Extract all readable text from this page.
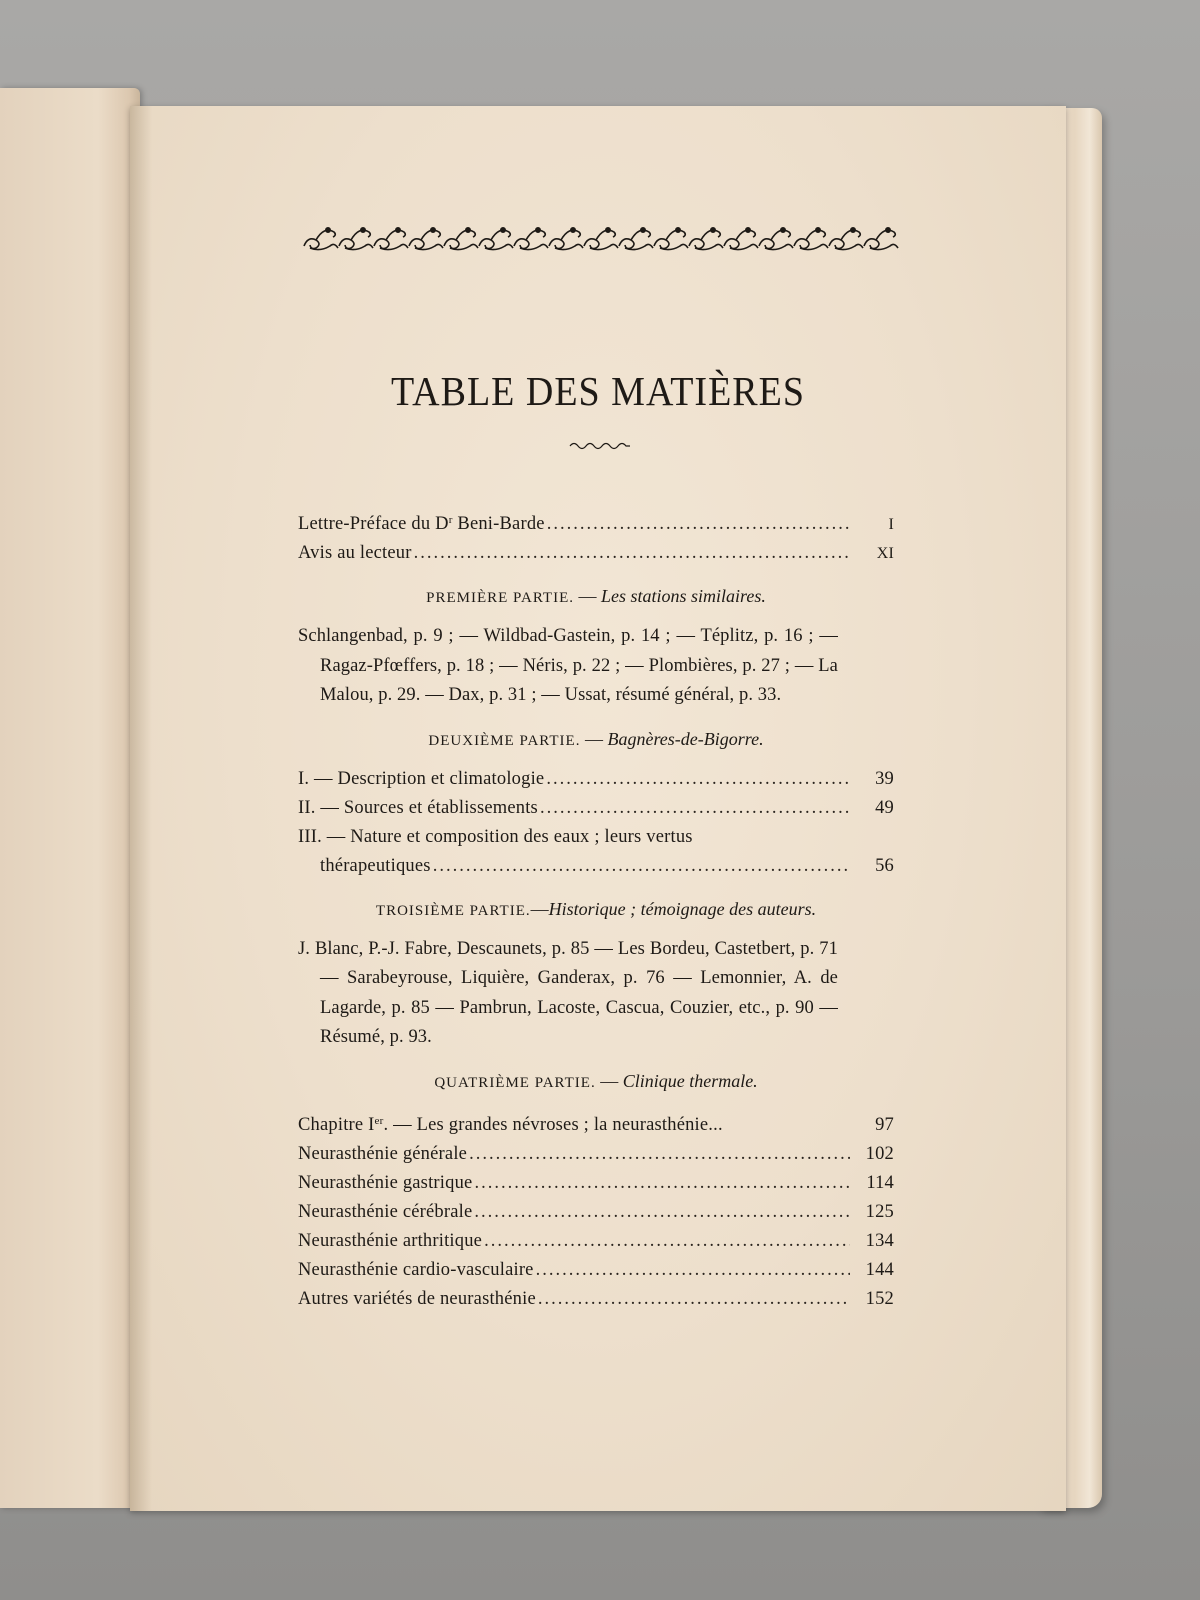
TABLE DES MATIÈRES
Lettre-Préface du $D^r$ Beni-Barde .....	I
Avis au lecteur .....	XI
PREMIÈRE PARTIE. — Les stations similaires.
Schlangenbad, p. 9 ; — Wildbad-Gastein, p. 14 ; — Téplitz, p. 16 ; — Ragaz-Pfœffers, p. 18 ; — Néris, p. 22 ; — Plombières, p. 27 ; — La Malou, p. 29. — Dax, p. 31 ; — Ussat, résumé général, p. 33.
DEUXIÈME PARTIE. — Bagnères-de-Bigorre.
I. — Description et climatologie .....	39
II. — Sources et établissements .....	49
III. — Nature et composition des eaux ; leurs vertus
thérapeutiques .....	56
TROISIÈME PARTIE.—Historique ; témoignage des auteurs.
J. Blanc, P.-J. Fabre, Descaunets, p. 85 — Les Bordeu, Castetbert, p. 71 — Sarabeyrouse, Liquière, Ganderax, p. 76 — Lemonnier, A. de Lagarde, p. 85 — Pambrun, Lacoste, Cascua, Couzier, etc., p. 90 — Résumé, p. 93.
QUATRIÈME PARTIE. — Clinique thermale.
Chapitre Ier. — Les grandes névroses ; la neurasthénie...	97
Neurasthénie générale .....	102
Neurasthénie gastrique .....	114
Neurasthénie cérébrale .....	125
Neurasthénie arthritique .....	134
Neurasthénie cardio-vasculaire .....	144
Autres variétés de neurasthénie .....	152
